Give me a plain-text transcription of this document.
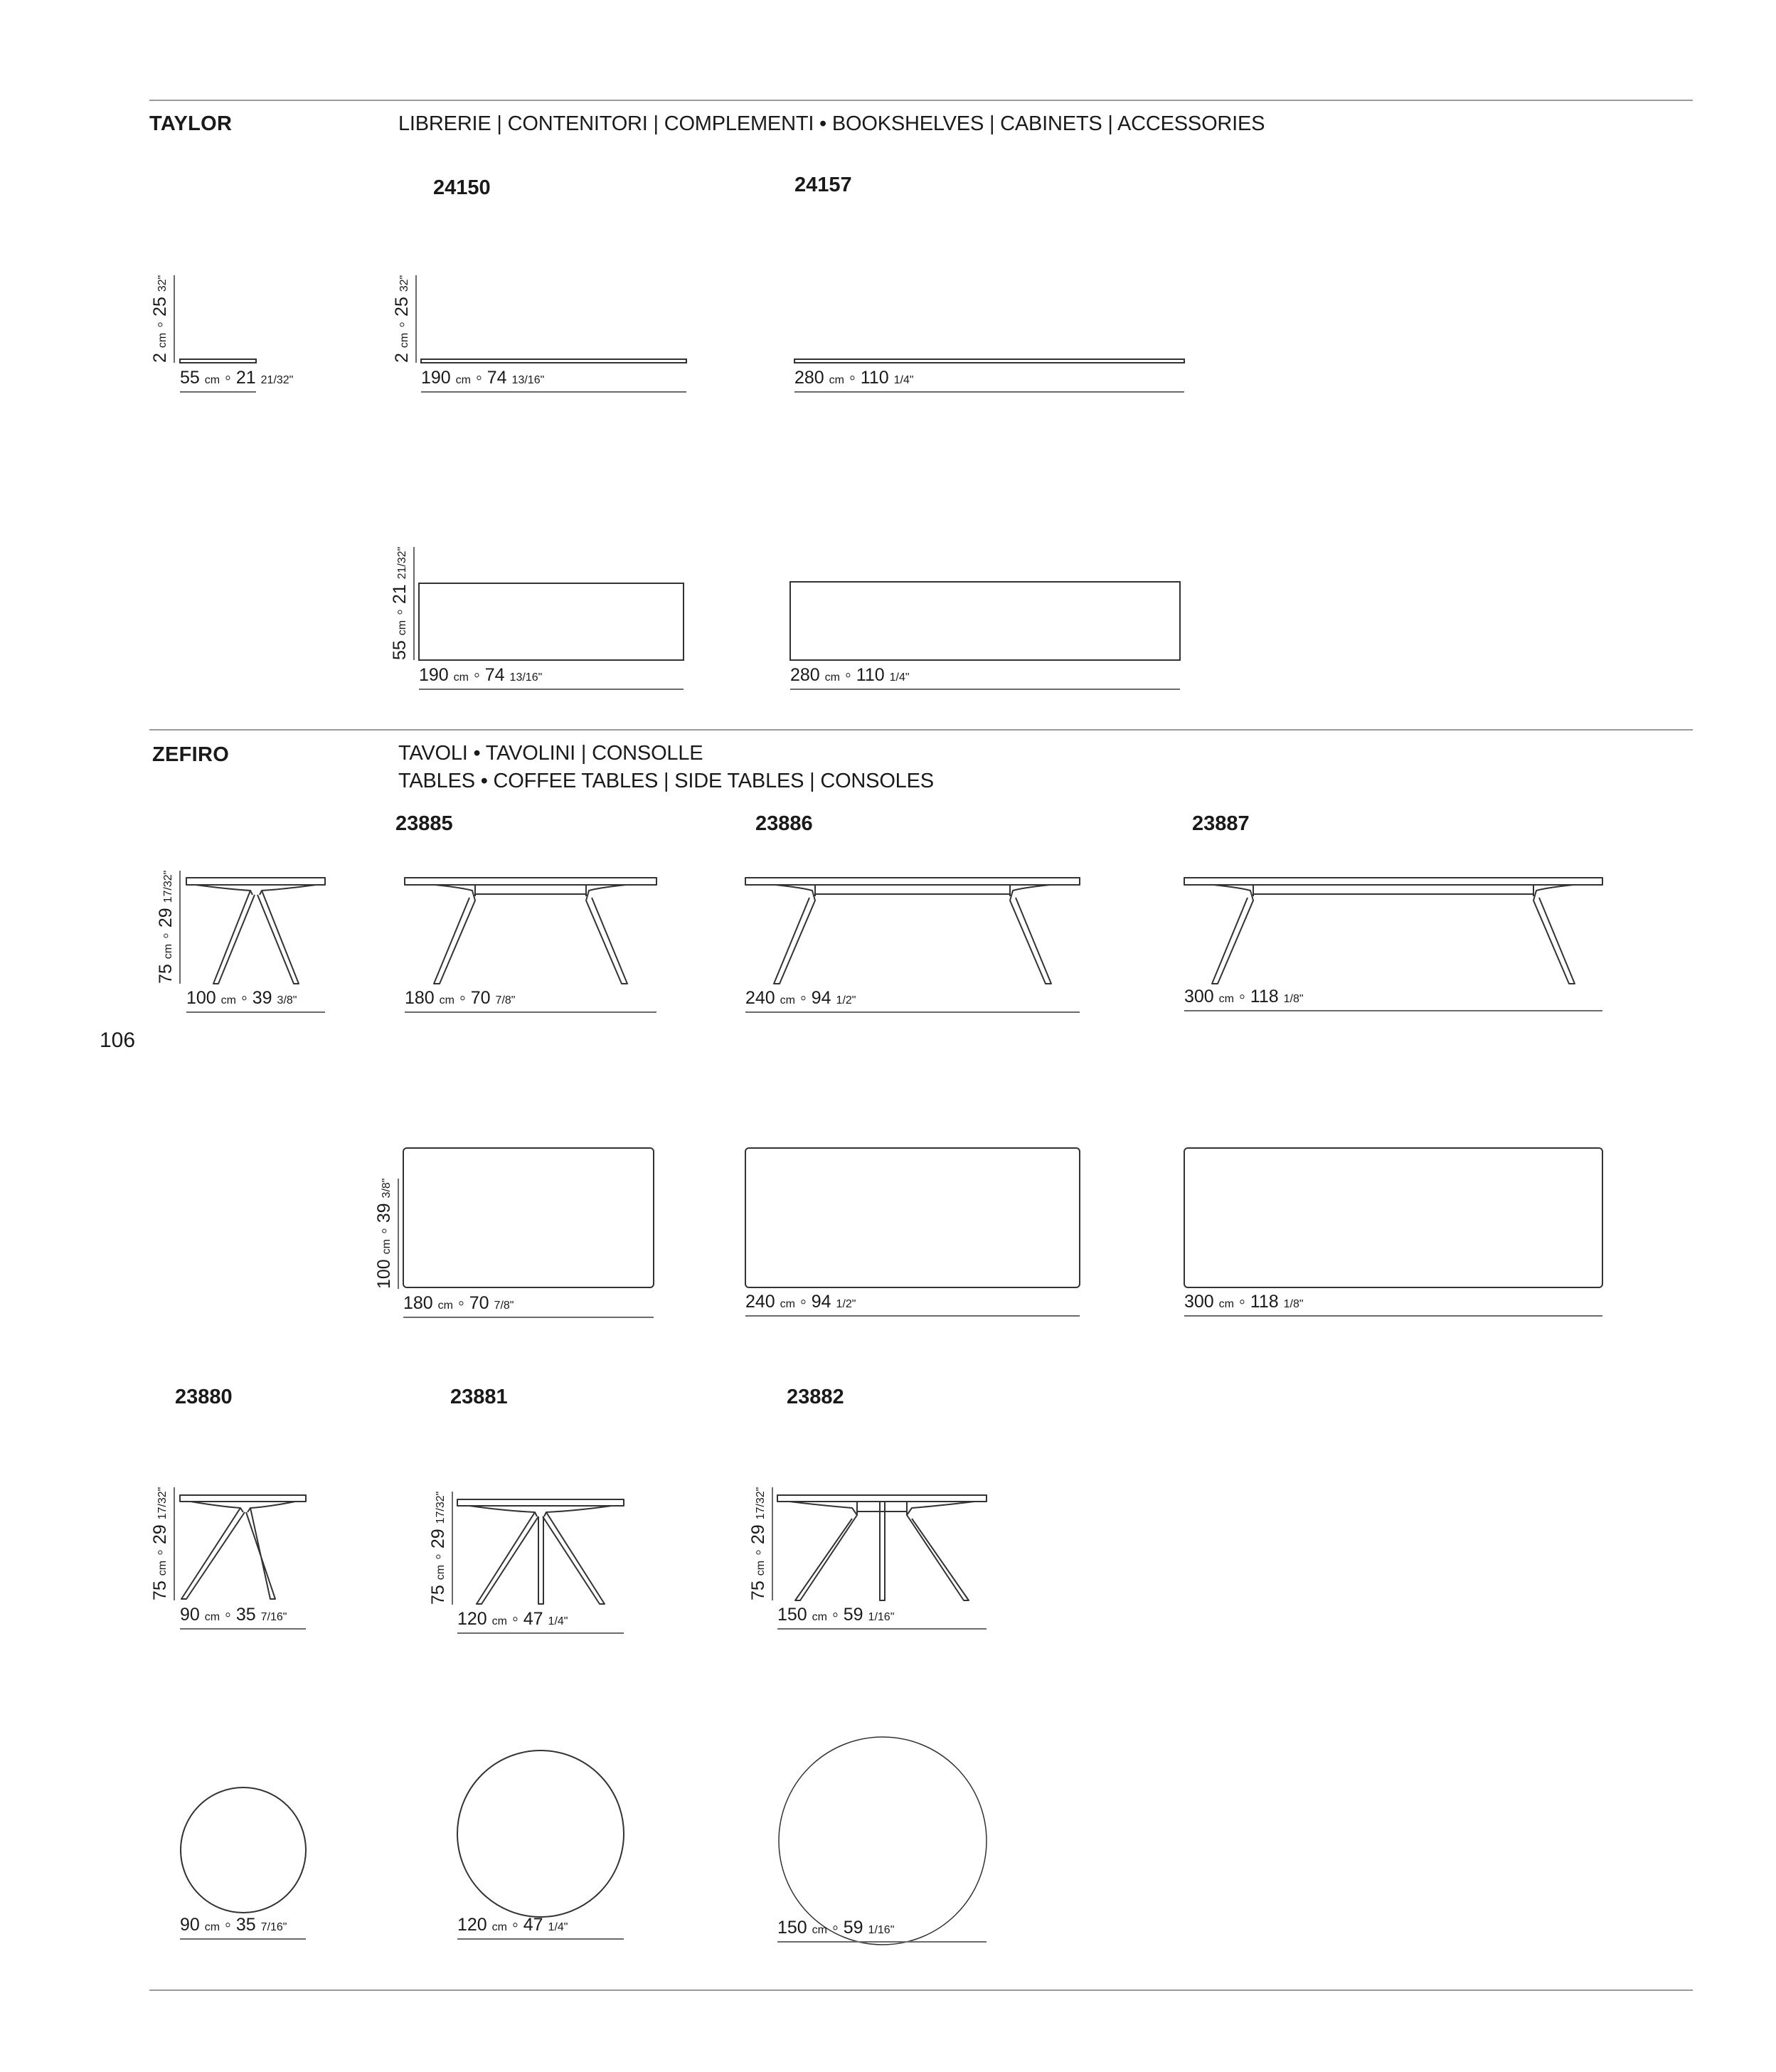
TAYLOR	LIBRERIE | CONTENITORI | COMPLEMENTI • BOOKSHELVES | CABINETS | ACCESSORIES
24150	24157
2 cm ◦ 25 32"
55 cm ◦ 21 21/32"
2 cm ◦ 25 32"
190 cm ◦ 74 13/16"	280 cm ◦ 110 1/4"
55 cm ◦ 21 21/32"
190 cm ◦ 74 13/16"	280 cm ◦ 110 1/4"
ZEFIRO	TAVOLI • TAVOLINI | CONSOLLE
TABLES • COFFEE TABLES | SIDE TABLES | CONSOLES
23885	23886	23887
106
75 cm ◦ 29 17/32"
100 cm ◦ 39 3/8"	180 cm ◦ 70 7/8"	240 cm ◦ 94 1/2"	300 cm ◦ 118 1/8"
100 cm ◦ 39 3/8"
180 cm ◦ 70 7/8"	240 cm ◦ 94 1/2"	300 cm ◦ 118 1/8"
23880	23881	23882
75 cm ◦ 29 17/32"
90 cm ◦ 35 7/16"
75 cm ◦ 29 17/32"
120 cm ◦ 47 1/4"
75 cm ◦ 29 17/32"
150 cm ◦ 59 1/16"
90 cm ◦ 35 7/16"	120 cm ◦ 47 1/4"	150 cm ◦ 59 1/16"
